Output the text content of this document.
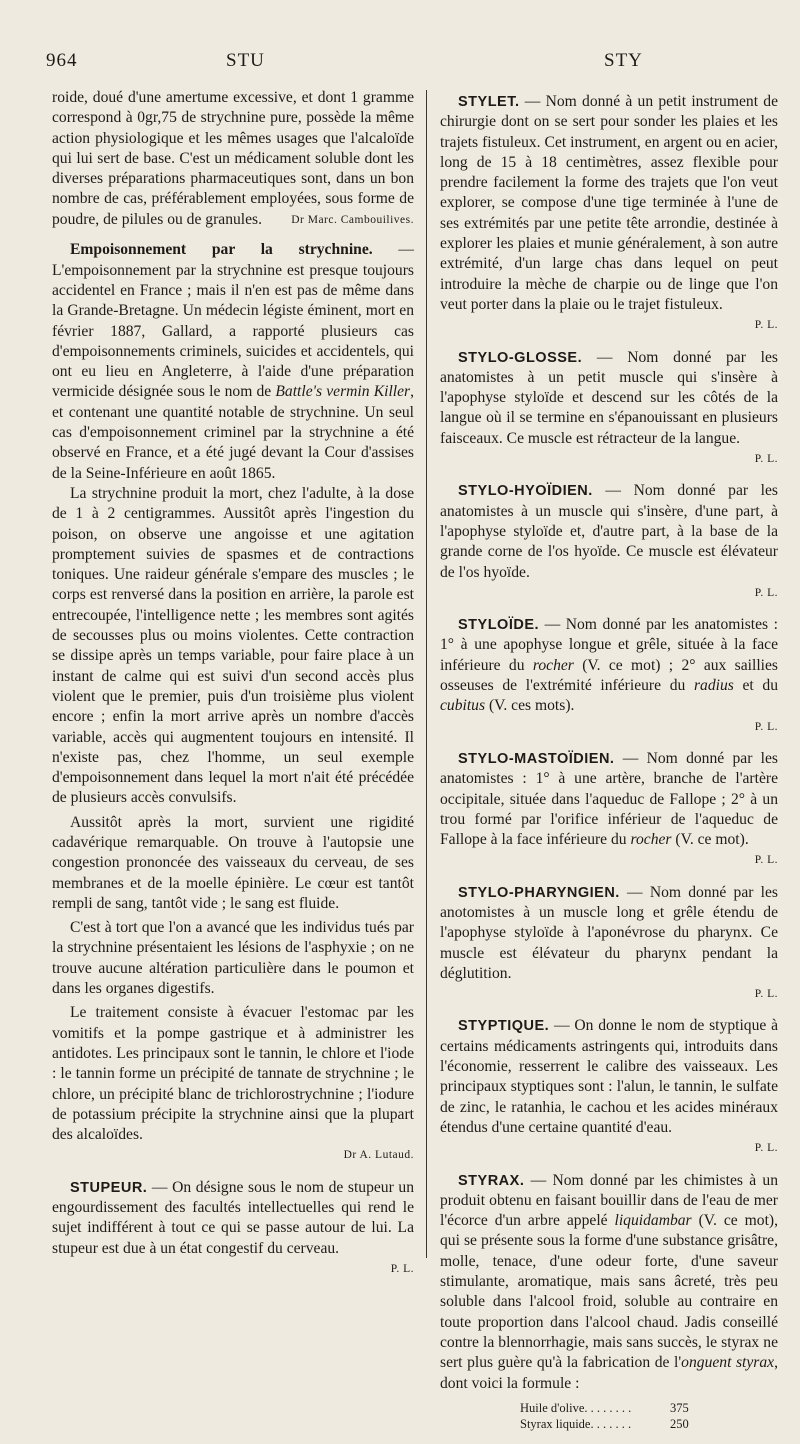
964	STU	STY

roide, doué d'une amertume excessive, et dont 1 gramme correspond à 0gr,75 de strychnine pure, possède la même action physiologique et les mêmes usages que l'alcaloïde qui lui sert de base. C'est un médicament soluble dont les diverses préparations pharmaceutiques sont, dans un bon nombre de cas, préférablement employées, sous forme de poudre, de pilules ou de granules.	Dr Marc. Cambouilives.

Empoisonnement par la strychnine. — L'empoisonnement par la strychnine est presque toujours accidentel en France ; mais il n'en est pas de même dans la Grande-Bretagne. Un médecin légiste éminent, mort en février 1887, Gallard, a rapporté plusieurs cas d'empoisonnements criminels, suicides et accidentels, qui ont eu lieu en Angleterre, à l'aide d'une préparation vermicide désignée sous le nom de Battle's vermin Killer, et contenant une quantité notable de strychnine. Un seul cas d'empoisonnement criminel par la strychnine a été observé en France, et a été jugé devant la Cour d'assises de la Seine-Inférieure en août 1865.

La strychnine produit la mort, chez l'adulte, à la dose de 1 à 2 centigrammes. Aussitôt après l'ingestion du poison, on observe une angoisse et une agitation promptement suivies de spasmes et de contractions toniques. Une raideur générale s'empare des muscles ; le corps est renversé dans la position en arrière, la parole est entrecoupée, l'intelligence nette ; les membres sont agités de secousses plus ou moins violentes. Cette contraction se dissipe après un temps variable, pour faire place à un instant de calme qui est suivi d'un second accès plus violent que le premier, puis d'un troisième plus violent encore ; enfin la mort arrive après un nombre d'accès variable, accès qui augmentent toujours en intensité. Il n'existe pas, chez l'homme, un seul exemple d'empoisonnement dans lequel la mort n'ait été précédée de plusieurs accès convulsifs.

Aussitôt après la mort, survient une rigidité cadavérique remarquable. On trouve à l'autopsie une congestion prononcée des vaisseaux du cerveau, de ses membranes et de la moelle épinière. Le cœur est tantôt rempli de sang, tantôt vide ; le sang est fluide.

C'est à tort que l'on a avancé que les individus tués par la strychnine présentaient les lésions de l'asphyxie ; on ne trouve aucune altération particulière dans le poumon et dans les organes digestifs.

Le traitement consiste à évacuer l'estomac par les vomitifs et la pompe gastrique et à administrer les antidotes. Les principaux sont le tannin, le chlore et l'iode : le tannin forme un précipité de tannate de strychnine ; le chlore, un précipité blanc de trichlorostrychnine ; l'iodure de potassium précipite la strychnine ainsi que la plupart des alcaloïdes.

Dr A. Lutaud.

STUPEUR. — On désigne sous le nom de stupeur un engourdissement des facultés intellectuelles qui rend le sujet indifférent à tout ce qui se passe autour de lui. La stupeur est due à un état congestif du cerveau.

P. L.

STYLET. — Nom donné à un petit instrument de chirurgie dont on se sert pour sonder les plaies et les trajets fistuleux. Cet instrument, en argent ou en acier, long de 15 à 18 centimètres, assez flexible pour prendre facilement la forme des trajets que l'on veut explorer, se compose d'une tige terminée à l'une de ses extrémités par une petite tête arrondie, destinée à explorer les plaies et munie généralement, à son autre extrémité, d'un large chas dans lequel on peut introduire la mèche de charpie ou de linge que l'on veut porter dans la plaie ou le trajet fistuleux.

P. L.

STYLO-GLOSSE. — Nom donné par les anatomistes à un petit muscle qui s'insère à l'apophyse styloïde et descend sur les côtés de la langue où il se termine en s'épanouissant en plusieurs faisceaux. Ce muscle est rétracteur de la langue.

P. L.

STYLO-HYOÏDIEN. — Nom donné par les anatomistes à un muscle qui s'insère, d'une part, à l'apophyse styloïde et, d'autre part, à la base de la grande corne de l'os hyoïde. Ce muscle est élévateur de l'os hyoïde.

P. L.

STYLOÏDE. — Nom donné par les anatomistes : 1° à une apophyse longue et grêle, située à la face inférieure du rocher (V. ce mot) ; 2° aux saillies osseuses de l'extrémité inférieure du radius et du cubitus (V. ces mots).

P. L.

STYLO-MASTOÏDIEN. — Nom donné par les anatomistes : 1° à une artère, branche de l'artère occipitale, située dans l'aqueduc de Fallope ; 2° à un trou formé par l'orifice inférieur de l'aqueduc de Fallope à la face inférieure du rocher (V. ce mot).

P. L.

STYLO-PHARYNGIEN. — Nom donné par les anotomistes à un muscle long et grêle étendu de l'apophyse styloïde à l'aponévrose du pharynx. Ce muscle est élévateur du pharynx pendant la déglutition.

P. L.

STYPTIQUE. — On donne le nom de styptique à certains médicaments astringents qui, introduits dans l'économie, resserrent le calibre des vaisseaux. Les principaux styptiques sont : l'alun, le tannin, le sulfate de zinc, le ratanhia, le cachou et les acides minéraux étendus d'une certaine quantité d'eau.

P. L.

STYRAX. — Nom donné par les chimistes à un produit obtenu en faisant bouillir dans de l'eau de mer l'écorce d'un arbre appelé liquidambar (V. ce mot), qui se présente sous la forme d'une substance grisâtre, molle, tenace, d'une odeur forte, d'une saveur stimulante, aromatique, mais sans âcreté, très peu soluble dans l'alcool froid, soluble au contraire en toute proportion dans l'alcool chaud. Jadis conseillé contre la blennorrhagie, mais sans succès, le styrax ne sert plus guère qu'à la fabrication de l'onguent styrax, dont voici la formule :

Huile d'olive. . . . . . . .	375
Styrax liquide. . . . . . .	250
